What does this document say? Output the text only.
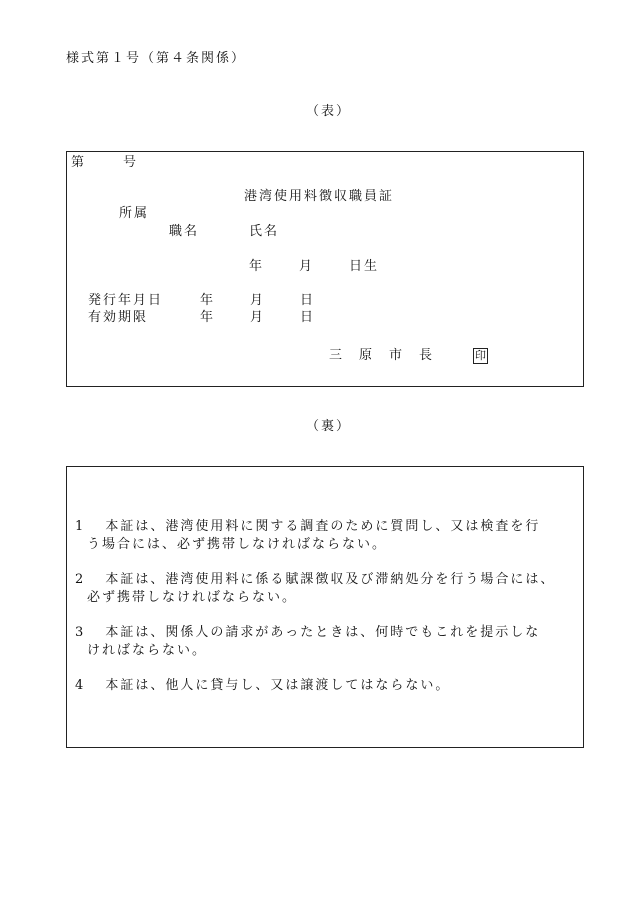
様式第１号（第４条関係）
（表）
第	号
港湾使用料徴収職員証
所属
職名	氏名
年	月	日生
発行年月日	年	月	日
有効期限	年	月	日
三　原　市　長	印
（裏）
1 本証は、港湾使用料に関する調査のために質問し、又は検査を行
う場合には、必ず携帯しなければならない。
2 本証は、港湾使用料に係る賦課徴収及び滞納処分を行う場合には、
必ず携帯しなければならない。
3 本証は、関係人の請求があったときは、何時でもこれを提示しな
ければならない。
4 本証は、他人に貸与し、又は譲渡してはならない。
